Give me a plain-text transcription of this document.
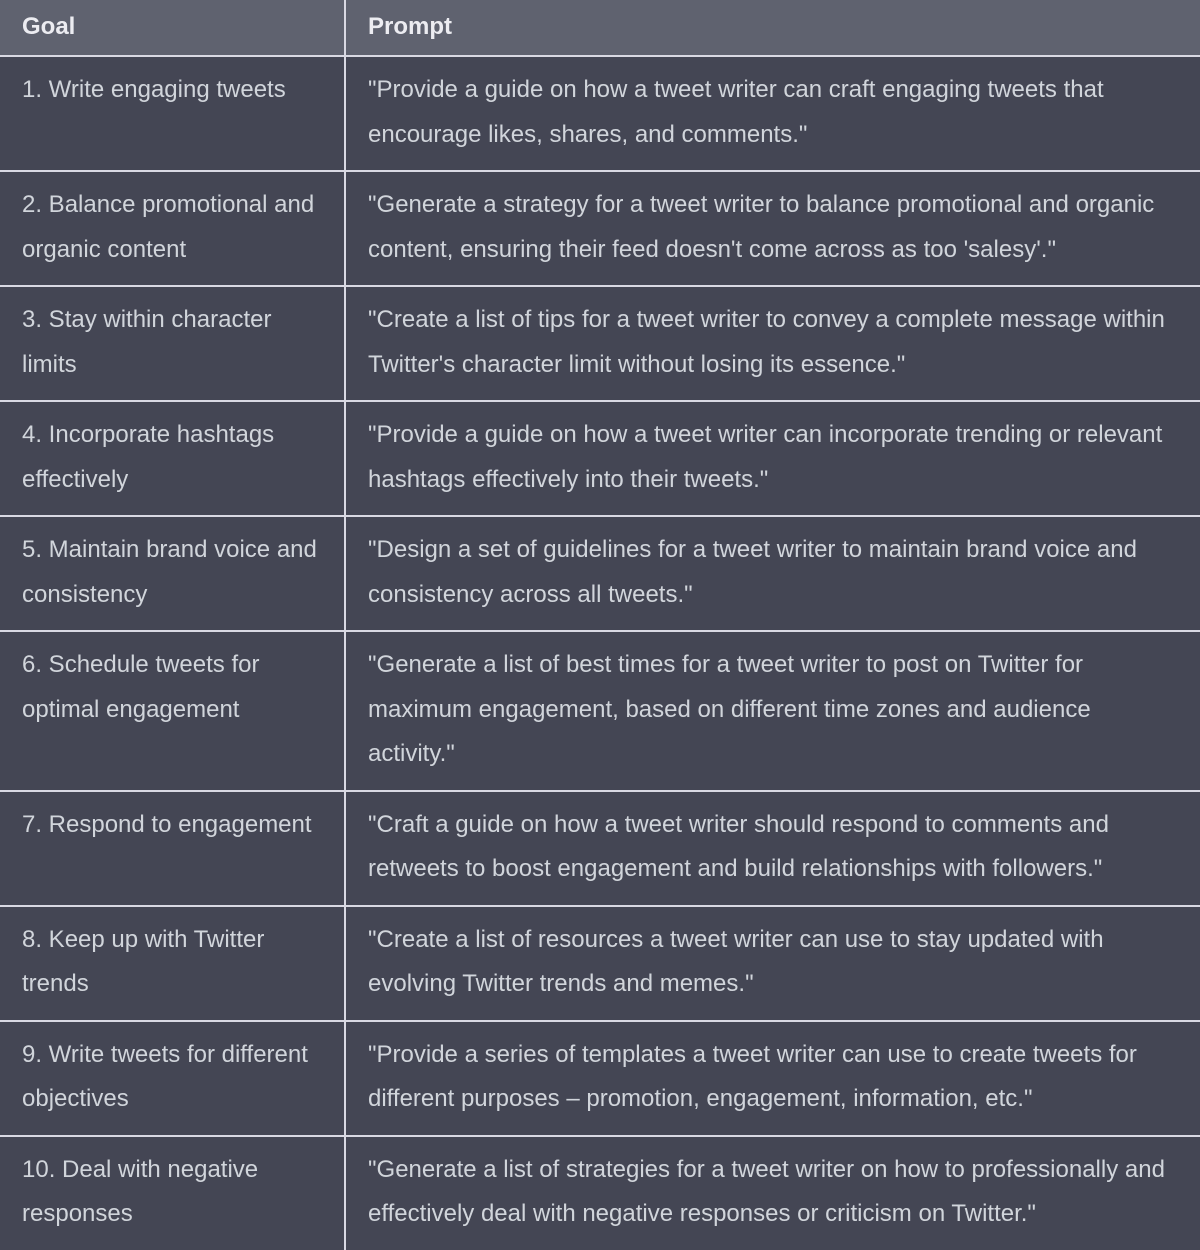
Goal	Prompt
1. Write engaging tweets	"Provide a guide on how a tweet writer can craft engaging tweets that encourage likes, shares, and comments."
2. Balance promotional and organic content	"Generate a strategy for a tweet writer to balance promotional and organic content, ensuring their feed doesn't come across as too 'salesy'."
3. Stay within character limits	"Create a list of tips for a tweet writer to convey a complete message within Twitter's character limit without losing its essence."
4. Incorporate hashtags effectively	"Provide a guide on how a tweet writer can incorporate trending or relevant hashtags effectively into their tweets."
5. Maintain brand voice and consistency	"Design a set of guidelines for a tweet writer to maintain brand voice and consistency across all tweets."
6. Schedule tweets for optimal engagement	"Generate a list of best times for a tweet writer to post on Twitter for maximum engagement, based on different time zones and audience activity."
7. Respond to engagement	"Craft a guide on how a tweet writer should respond to comments and retweets to boost engagement and build relationships with followers."
8. Keep up with Twitter trends	"Create a list of resources a tweet writer can use to stay updated with evolving Twitter trends and memes."
9. Write tweets for different objectives	"Provide a series of templates a tweet writer can use to create tweets for different purposes – promotion, engagement, information, etc."
10. Deal with negative responses	"Generate a list of strategies for a tweet writer on how to professionally and effectively deal with negative responses or criticism on Twitter."
